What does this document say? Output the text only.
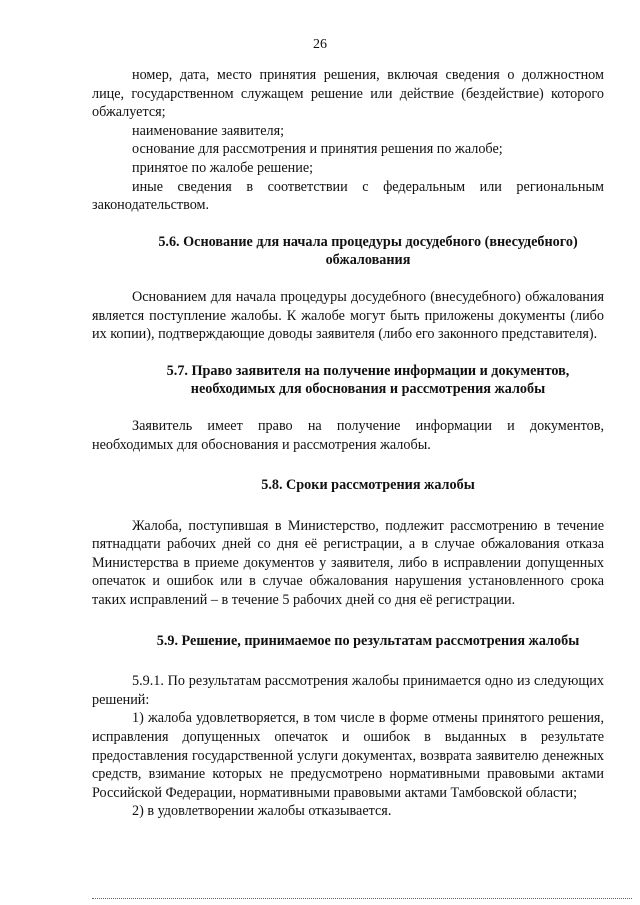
26

номер, дата, место принятия решения, включая сведения о должностном лице, государственном служащем решение или действие (бездействие) которого обжалуется;

наименование заявителя;

основание для рассмотрения и принятия решения по жалобе;

принятое по жалобе решение;

иные сведения в соответствии с федеральным или региональным законодательством.

5.6. Основание для начала процедуры досудебного (внесудебного) обжалования

Основанием для начала процедуры досудебного (внесудебного) обжалования является поступление жалобы. К жалобе могут быть приложены документы (либо их копии), подтверждающие доводы заявителя (либо его законного представителя).

5.7. Право заявителя на получение информации и документов, необходимых для обоснования и рассмотрения жалобы

Заявитель имеет право на получение информации и документов, необходимых для обоснования и рассмотрения жалобы.

5.8. Сроки рассмотрения жалобы

Жалоба, поступившая в Министерство, подлежит рассмотрению в течение пятнадцати рабочих дней со дня её регистрации, а в случае обжалования отказа Министерства в приеме документов у заявителя, либо в исправлении допущенных опечаток и ошибок или в случае обжалования нарушения установленного срока таких исправлений – в течение 5 рабочих дней со дня её регистрации.

5.9. Решение, принимаемое по результатам рассмотрения жалобы

5.9.1. По результатам рассмотрения жалобы принимается одно из следующих решений:

1) жалоба удовлетворяется, в том числе в форме отмены принятого решения, исправления допущенных опечаток и ошибок в выданных в результате предоставления государственной услуги документах, возврата заявителю денежных средств, взимание которых не предусмотрено нормативными правовыми актами Российской Федерации, нормативными правовыми актами Тамбовской области;

2) в удовлетворении жалобы отказывается.
